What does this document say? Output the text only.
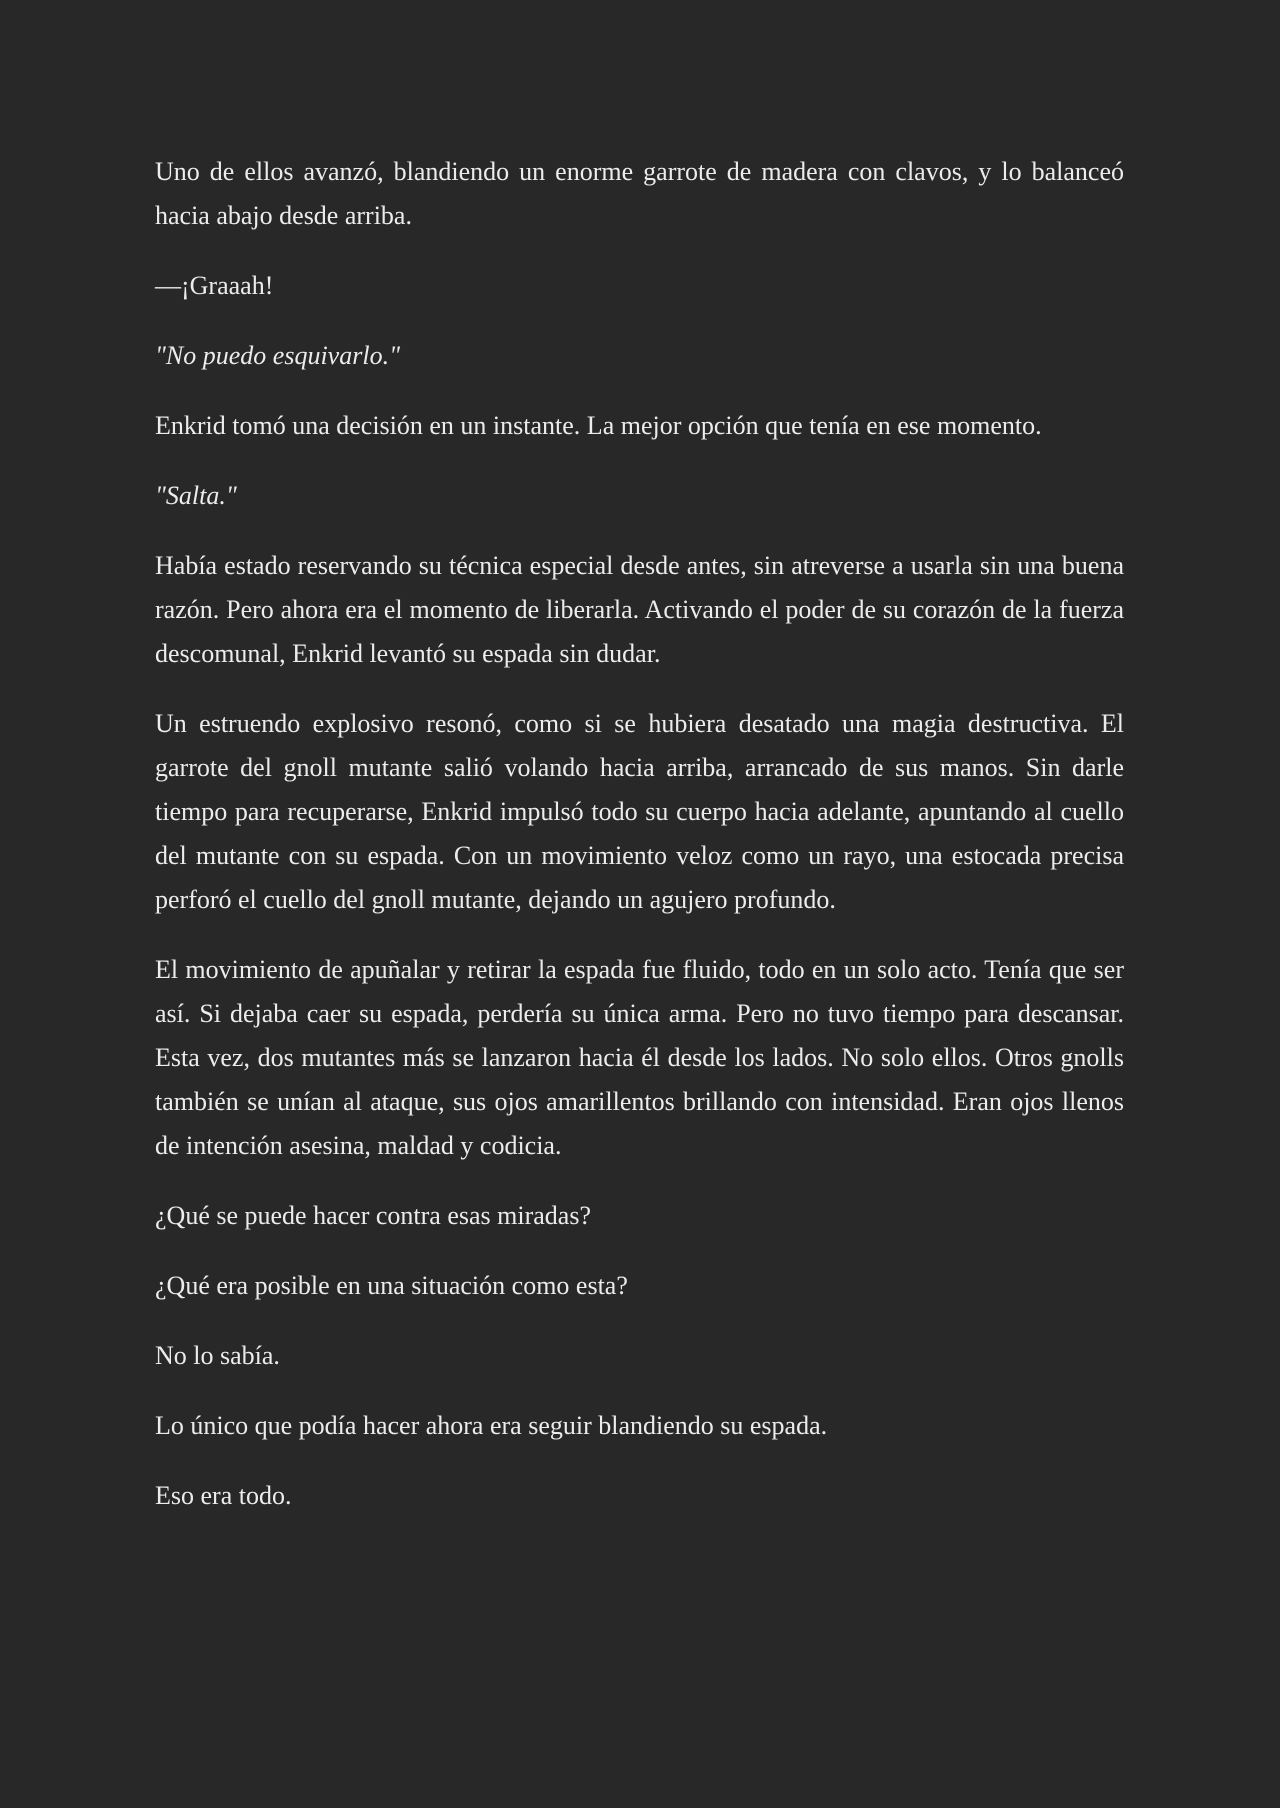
Uno de ellos avanzó, blandiendo un enorme garrote de madera con clavos, y lo balanceó hacia abajo desde arriba.

—¡Graaah!

"No puedo esquivarlo."

Enkrid tomó una decisión en un instante. La mejor opción que tenía en ese momento.

"Salta."

Había estado reservando su técnica especial desde antes, sin atreverse a usarla sin una buena razón. Pero ahora era el momento de liberarla. Activando el poder de su corazón de la fuerza descomunal, Enkrid levantó su espada sin dudar.

Un estruendo explosivo resonó, como si se hubiera desatado una magia destructiva. El garrote del gnoll mutante salió volando hacia arriba, arrancado de sus manos. Sin darle tiempo para recuperarse, Enkrid impulsó todo su cuerpo hacia adelante, apuntando al cuello del mutante con su espada. Con un movimiento veloz como un rayo, una estocada precisa perforó el cuello del gnoll mutante, dejando un agujero profundo.

El movimiento de apuñalar y retirar la espada fue fluido, todo en un solo acto. Tenía que ser así. Si dejaba caer su espada, perdería su única arma. Pero no tuvo tiempo para descansar. Esta vez, dos mutantes más se lanzaron hacia él desde los lados. No solo ellos. Otros gnolls también se unían al ataque, sus ojos amarillentos brillando con intensidad. Eran ojos llenos de intención asesina, maldad y codicia.

¿Qué se puede hacer contra esas miradas?

¿Qué era posible en una situación como esta?

No lo sabía.

Lo único que podía hacer ahora era seguir blandiendo su espada.

Eso era todo.
